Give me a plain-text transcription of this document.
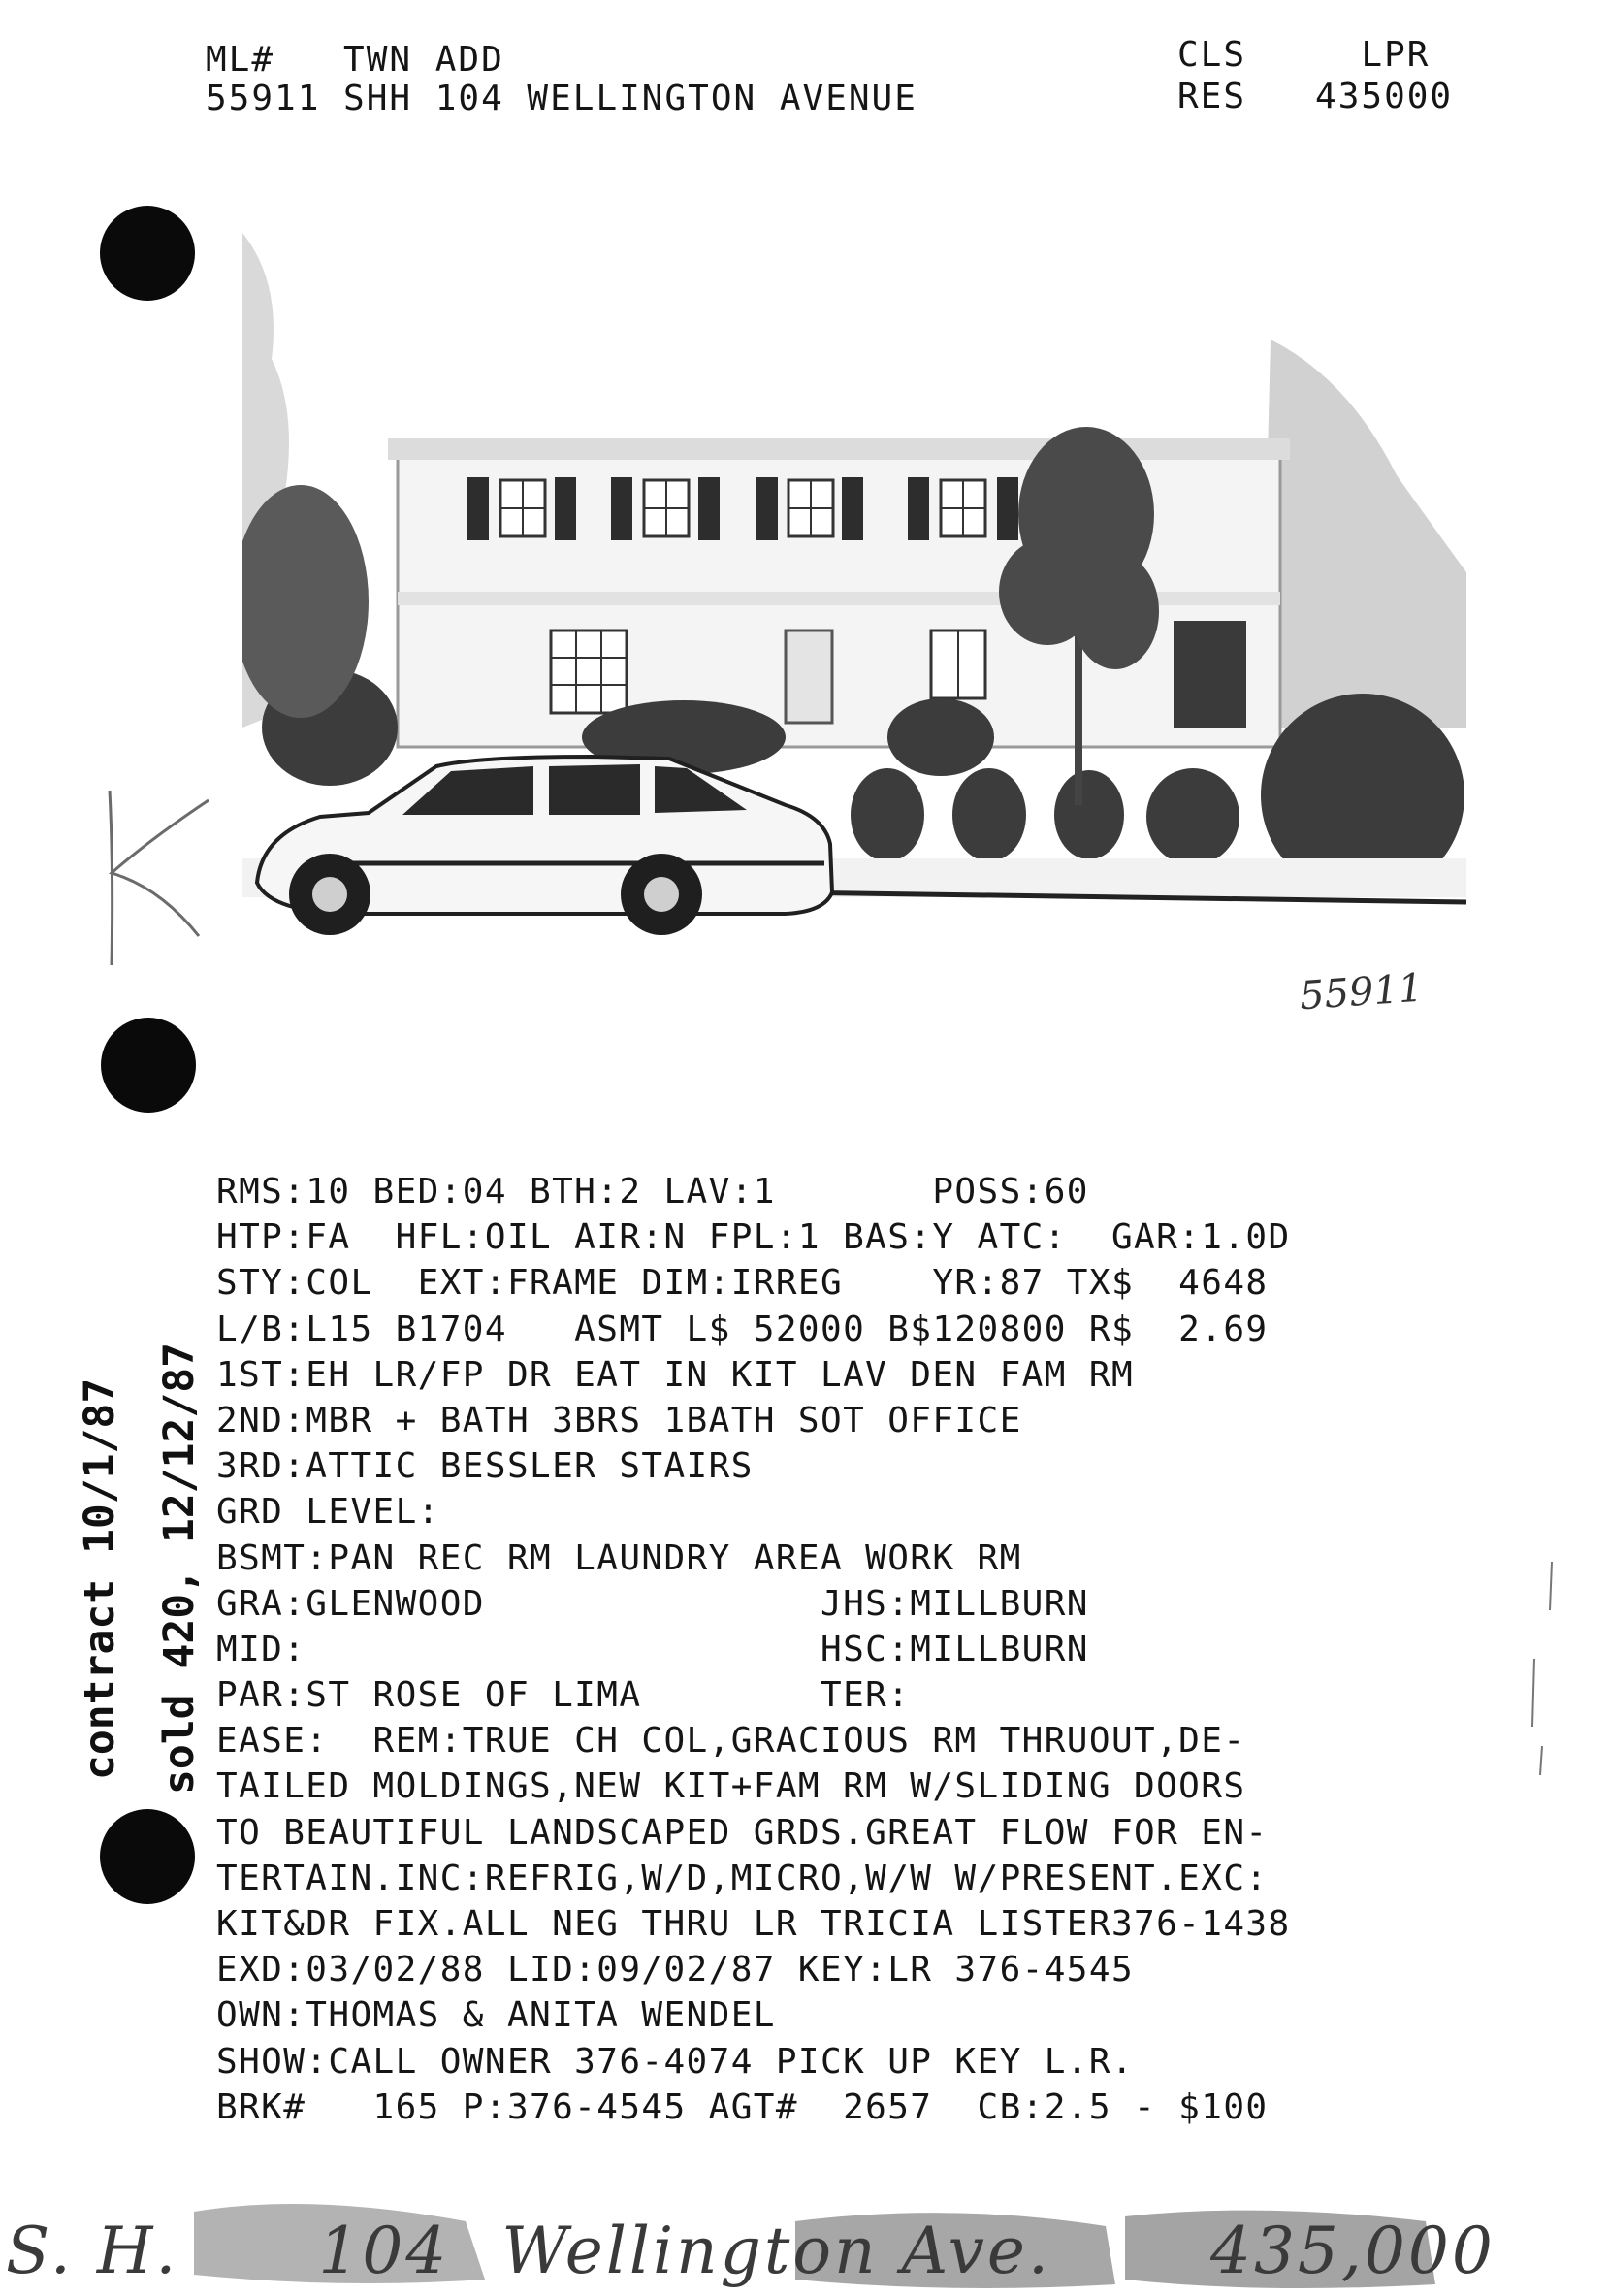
ML#   TWN ADD
55911 SHH 104 WELLINGTON AVENUE
CLS     LPR
RES   435000
55911
RMS:10 BED:04 BTH:2 LAV:1       POSS:60
HTP:FA  HFL:OIL AIR:N FPL:1 BAS:Y ATC:  GAR:1.0D
STY:COL  EXT:FRAME DIM:IRREG    YR:87 TX$  4648
L/B:L15 B1704   ASMT L$ 52000 B$120800 R$  2.69
1ST:EH LR/FP DR EAT IN KIT LAV DEN FAM RM
2ND:MBR + BATH 3BRS 1BATH SOT OFFICE
3RD:ATTIC BESSLER STAIRS
GRD LEVEL:
BSMT:PAN REC RM LAUNDRY AREA WORK RM
GRA:GLENWOOD               JHS:MILLBURN
MID:                       HSC:MILLBURN
PAR:ST ROSE OF LIMA        TER:
EASE:  REM:TRUE CH COL,GRACIOUS RM THRUOUT,DE-
TAILED MOLDINGS,NEW KIT+FAM RM W/SLIDING DOORS
TO BEAUTIFUL LANDSCAPED GRDS.GREAT FLOW FOR EN-
TERTAIN.INC:REFRIG,W/D,MICRO,W/W W/PRESENT.EXC:
KIT&DR FIX.ALL NEG THRU LR TRICIA LISTER376-1438
EXD:03/02/88 LID:09/02/87 KEY:LR 376-4545
OWN:THOMAS & ANITA WENDEL
SHOW:CALL OWNER 376-4074 PICK UP KEY L.R.
BRK#   165 P:376-4545 AGT#  2657  CB:2.5 - $100
contract 10/1/87 sold 420, 12/12/87
S. H. 104 Wellington Ave. 435,000
